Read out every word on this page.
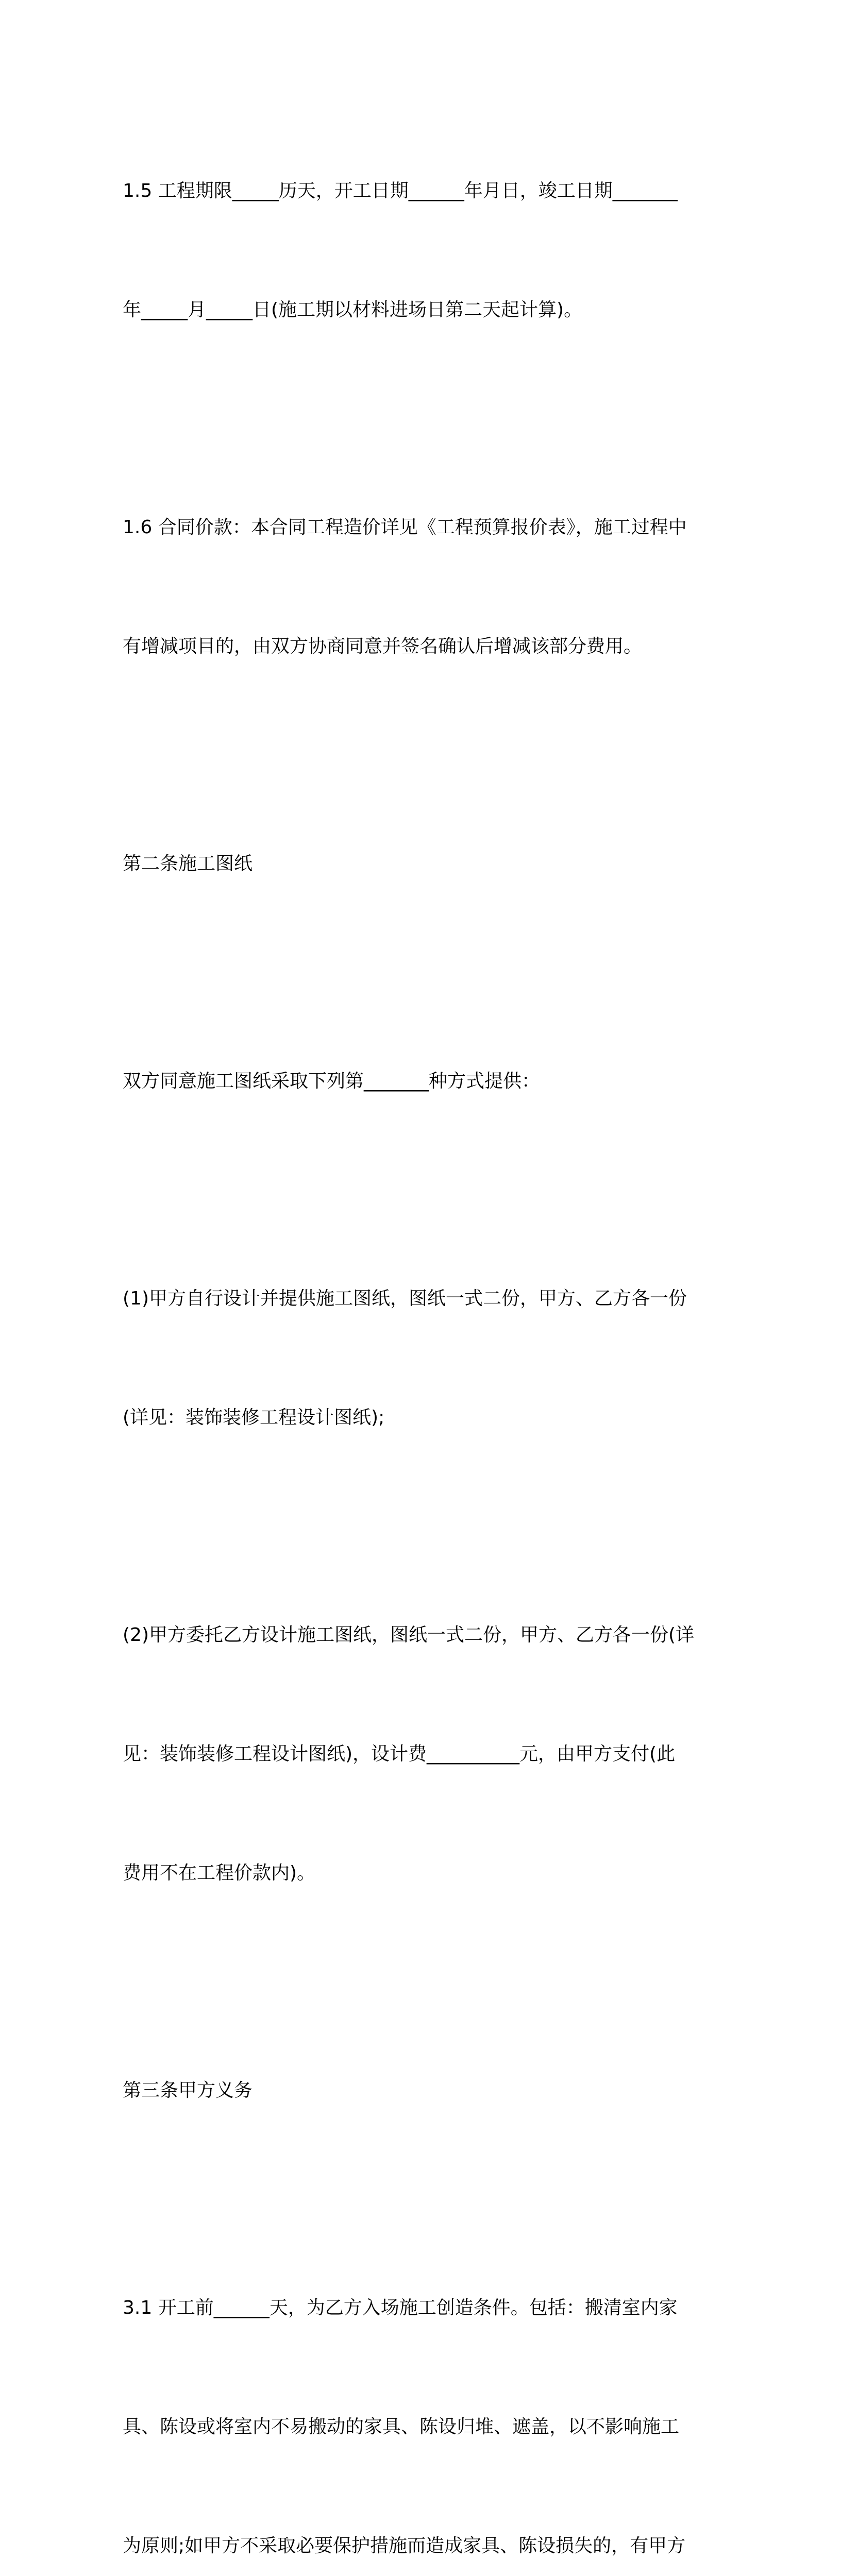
1.5 工程期限_____历天，开工日期______年月日，竣工日期_______

年_____月_____日(施工期以材料进场日第二天起计算)。

1.6 合同价款：本合同工程造价详见《工程预算报价表》，施工过程中

有增减项目的，由双方协商同意并签名确认后增减该部分费用。

第二条施工图纸

双方同意施工图纸采取下列第_______种方式提供：

(1)甲方自行设计并提供施工图纸，图纸一式二份，甲方、乙方各一份

(详见：装饰装修工程设计图纸);

(2)甲方委托乙方设计施工图纸，图纸一式二份，甲方、乙方各一份(详

见：装饰装修工程设计图纸)，设计费__________元，由甲方支付(此

费用不在工程价款内)。

第三条甲方义务

3.1 开工前______天，为乙方入场施工创造条件。包括：搬清室内家

具、陈设或将室内不易搬动的家具、陈设归堆、遮盖，以不影响施工

为原则;如甲方不采取必要保护措施而造成家具、陈设损失的，有甲方
